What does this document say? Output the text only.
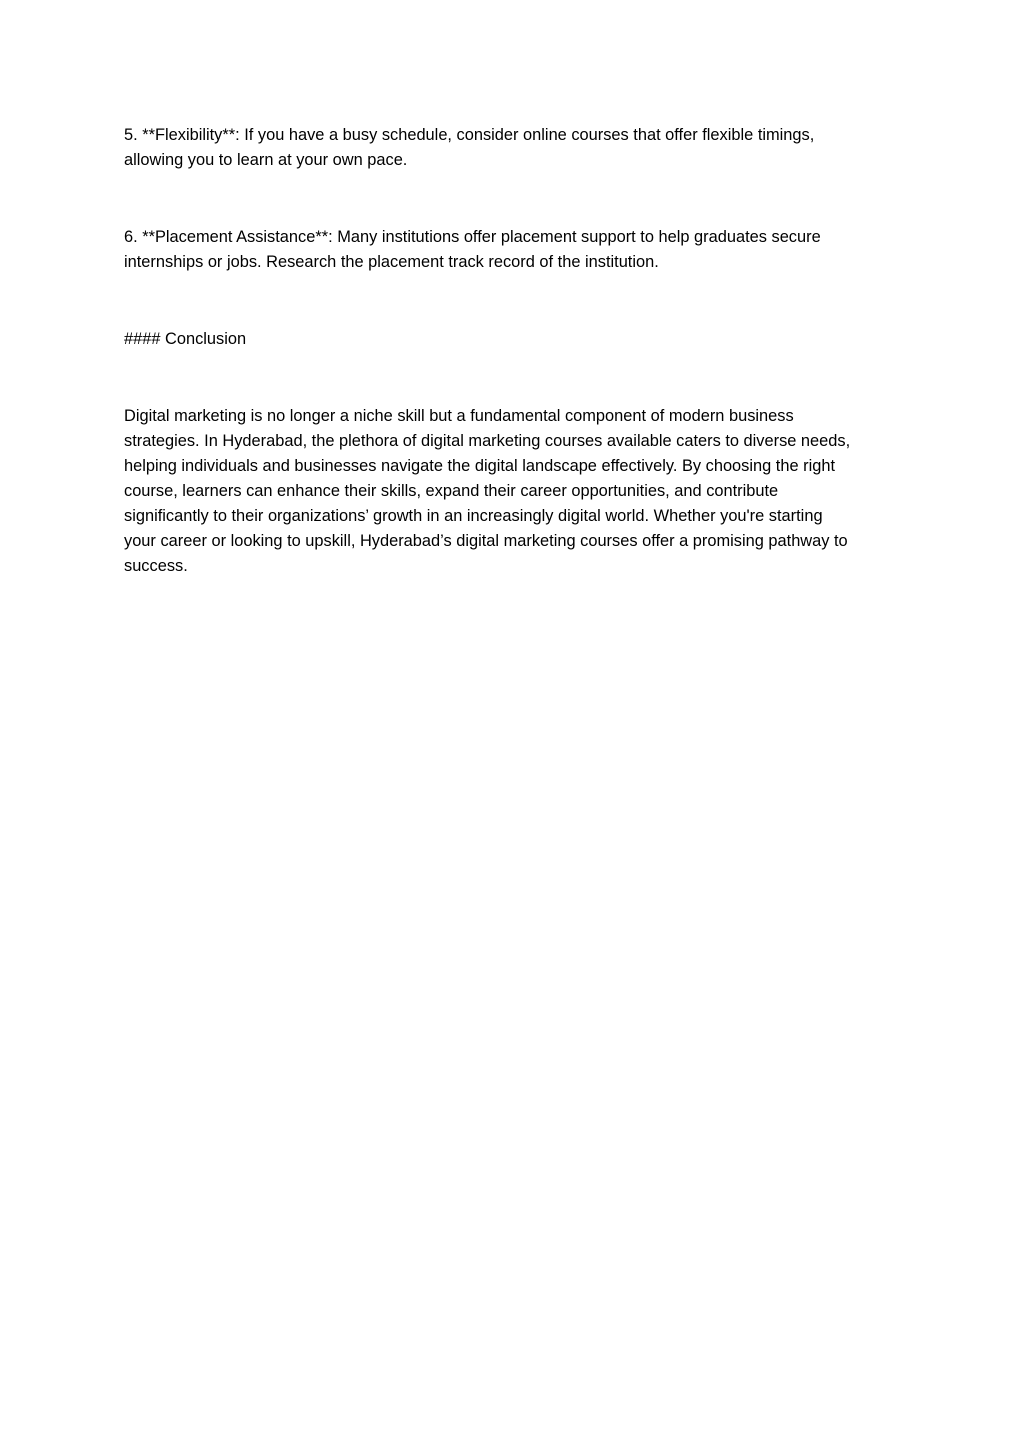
5. **Flexibility**: If you have a busy schedule, consider online courses that offer flexible timings,
allowing you to learn at your own pace.

6. **Placement Assistance**: Many institutions offer placement support to help graduates secure
internships or jobs. Research the placement track record of the institution.

#### Conclusion

Digital marketing is no longer a niche skill but a fundamental component of modern business
strategies. In Hyderabad, the plethora of digital marketing courses available caters to diverse needs,
helping individuals and businesses navigate the digital landscape effectively. By choosing the right
course, learners can enhance their skills, expand their career opportunities, and contribute
significantly to their organizations’ growth in an increasingly digital world. Whether you're starting
your career or looking to upskill, Hyderabad’s digital marketing courses offer a promising pathway to
success.
